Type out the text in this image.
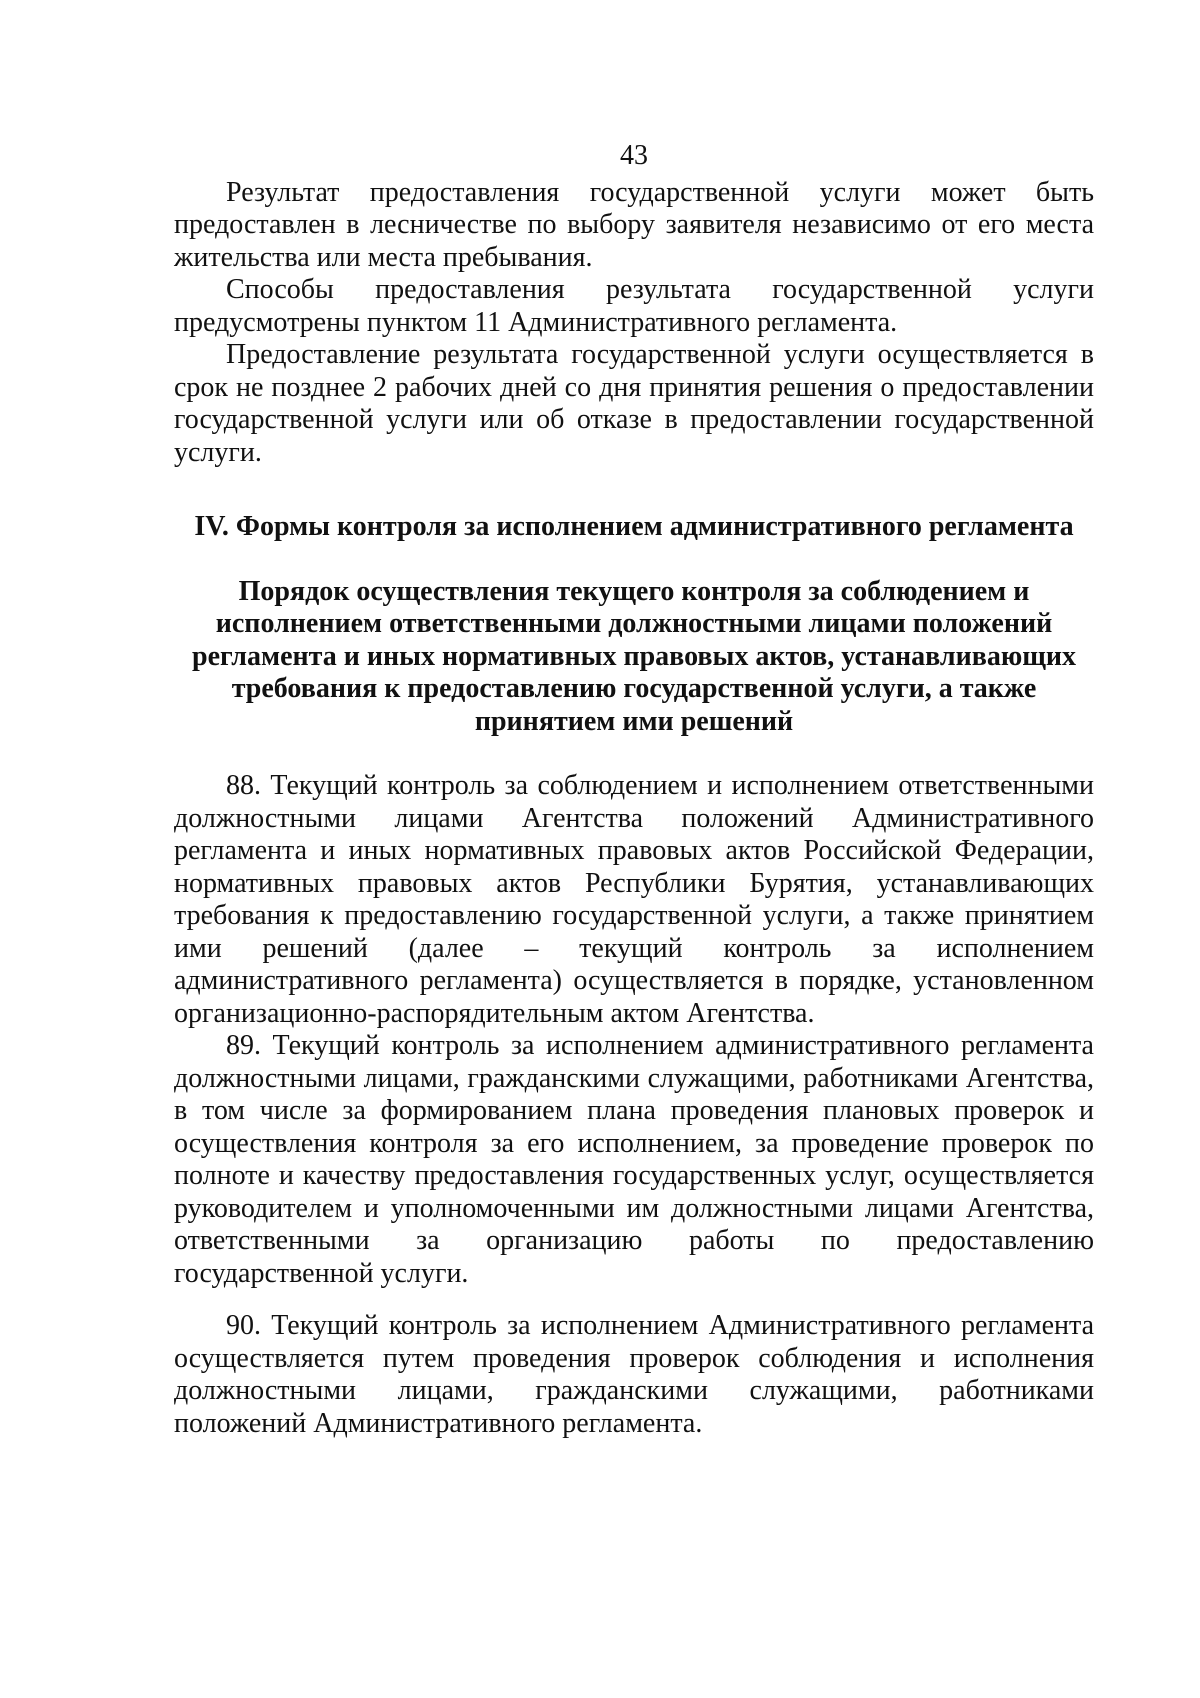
43

Результат предоставления государственной услуги может быть предоставлен в лесничестве по выбору заявителя независимо от его места жительства или места пребывания.

Способы предоставления результата государственной услуги предусмотрены пунктом 11 Административного регламента.

Предоставление результата государственной услуги осуществляется в срок не позднее 2 рабочих дней со дня принятия решения о предоставлении государственной услуги или об отказе в предоставлении государственной услуги.

IV. Формы контроля за исполнением административного регламента
Порядок осуществления текущего контроля за соблюдением и исполнением ответственными должностными лицами положений регламента и иных нормативных правовых актов, устанавливающих требования к предоставлению государственной услуги, а также принятием ими решений

88. Текущий контроль за соблюдением и исполнением ответственными должностными лицами Агентства положений Административного регламента и иных нормативных правовых актов Российской Федерации, нормативных правовых актов Республики Бурятия, устанавливающих требования к предоставлению государственной услуги, а также принятием ими решений (далее – текущий контроль за исполнением административного регламента) осуществляется в порядке, установленном организационно-распорядительным актом Агентства.

89. Текущий контроль за исполнением административного регламента должностными лицами, гражданскими служащими, работниками Агентства, в том числе за формированием плана проведения плановых проверок и осуществления контроля за его исполнением, за проведение проверок по полноте и качеству предоставления государственных услуг, осуществляется руководителем и уполномоченными им должностными лицами Агентства, ответственными за организацию работы по предоставлению государственной услуги.

90. Текущий контроль за исполнением Административного регламента осуществляется путем проведения проверок соблюдения и исполнения должностными лицами, гражданскими служащими, работниками положений Административного регламента.
